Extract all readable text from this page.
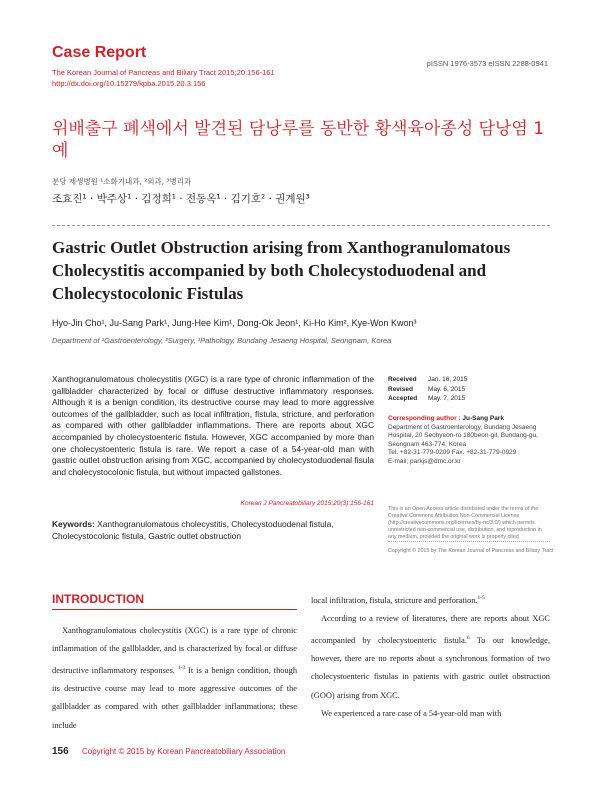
Case Report
The Korean Journal of Pancreas and Biliary Tract 2015;20:156-161
http://dx.doi.org/10.15279/kpba.2015.20.3.156
pISSN 1976-3573 eISSN 2288-0941
위배출구 폐색에서 발견된 담낭루를 동반한 황색육아종성 담낭염 1예
분당 제생병원 ¹소화기내과, ²외과, ³병리과
조효진¹ · 박주상¹ · 김정희¹ · 전동옥¹ · 김기호² · 권계원³
Gastric Outlet Obstruction arising from Xanthogranulomatous Cholecystitis accompanied by both Cholecystoduodenal and Cholecystocolonic Fistulas
Hyo-Jin Cho¹, Ju-Sang Park¹, Jung-Hee Kim¹, Dong-Ok Jeon¹, Ki-Ho Kim², Kye-Won Kwon³
Department of ¹Gastroenterology, ²Surgery, ³Pathology, Bundang Jesaeng Hospital, Seongnam, Korea
Xanthogranulomatous cholecystitis (XGC) is a rare type of chronic inflammation of the gallbladder characterized by focal or diffuse destructive inflammatory responses. Although it is a benign condition, its destructive course may lead to more aggressive outcomes of the gallbladder, such as local infiltration, fistula, stricture, and perforation as compared with other gallbladder inflammations. There are reports about XGC accompanied by cholecystoenteric fistula. However, XGC accompanied by more than one cholecystoenteric fistula is rare. We report a case of a 54-year-old man with gastric outlet obstruction arising from XGC, accompanied by cholecystoduodenal fisula and cholecystocolonic fistula, but without impacted gallstones.
Korean J Pancreatobiliary 2015;20(3):156-161
Keywords: Xanthogranulomatous cholecystitis, Cholecystoduodenal fistula, Cholecystocolonic fistula, Gastric outlet obstruction
Received	Jan. 16, 2015
Revised	May. 6, 2015
Accepted	May. 7, 2015
Corresponding author : Ju-Sang Park
Department of Gastroenterology, Bundang Jesaeng Hospital, 20 Seohyeon-ro 180beon-gil, Bundang-gu, Seongnam 463-774, Korea
Tel. +82-31-779-0209 Fax. +82-31-779-0929
E-mail; parkjs@dmc.or.kr
This is an Open Access article distributed under the terms of the Creative Commons Attribution Non-Commercial License (http://creativecommons.org/licenses/by-nc/3.0/) which permits unrestricted non-commercial use, distribution, and reproduction in any medium, provided the original work is properly cited.
Copyright © 2015 by The Korean Journal of Pancreas and Biliary Tract
INTRODUCTION

Xanthogranulomatous cholecystitis (XGC) is a rare type of chronic inflammation of the gallbladder, and is characterized by focal or diffuse destructive inflammatory responses. $^{1-3}$ It is a benign condition, though its destructive course may lead to more aggressive outcomes of the gallbladder as compared with other gallbladder inflammations; these include

local infiltration, fistula, stricture and perforation.$^{1-5}$

According to a review of literatures, there are reports about XGC accompanied by cholecystoenteric fistula.$^6$ To our knowledge, however, there are no reports about a synchronous formation of two cholecystoenteric fistulas in patients with gastric outlet obstruction (GOO) arising from XGC.

We experienced a rare case of a 54-year-old man with

156 Copyright © 2015 by Korean Pancreatobiliary Association
